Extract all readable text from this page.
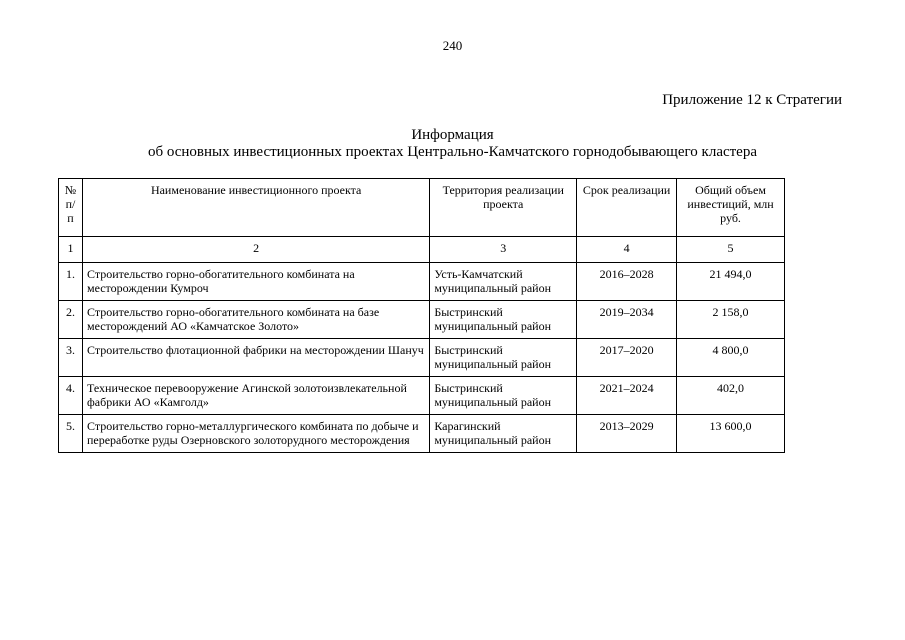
240
Приложение 12 к Стратегии
Информация
об основных инвестиционных проектах Центрально-Камчатского горнодобывающего кластера
№ п/п	Наименование инвестиционного проекта	Территория реализации проекта	Срок реализации	Общий объем инвестиций, млн руб.
1	2	3	4	5
1.	Строительство горно-обогатительного комбината на месторождении Кумроч	Усть-Камчатский муниципальный район	2016–2028	21 494,0
2.	Строительство горно-обогатительного комбината на базе месторождений АО «Камчатское Золото»	Быстринский муниципальный район	2019–2034	2 158,0
3.	Строительство флотационной фабрики на месторождении Шануч	Быстринский муниципальный район	2017–2020	4 800,0
4.	Техническое перевооружение Агинской золотоизвлекательной фабрики АО «Камголд»	Быстринский муниципальный район	2021–2024	402,0
5.	Строительство горно-металлургического комбината по добыче и переработке руды Озерновского золоторудного месторождения	Карагинский муниципальный район	2013–2029	13 600,0
